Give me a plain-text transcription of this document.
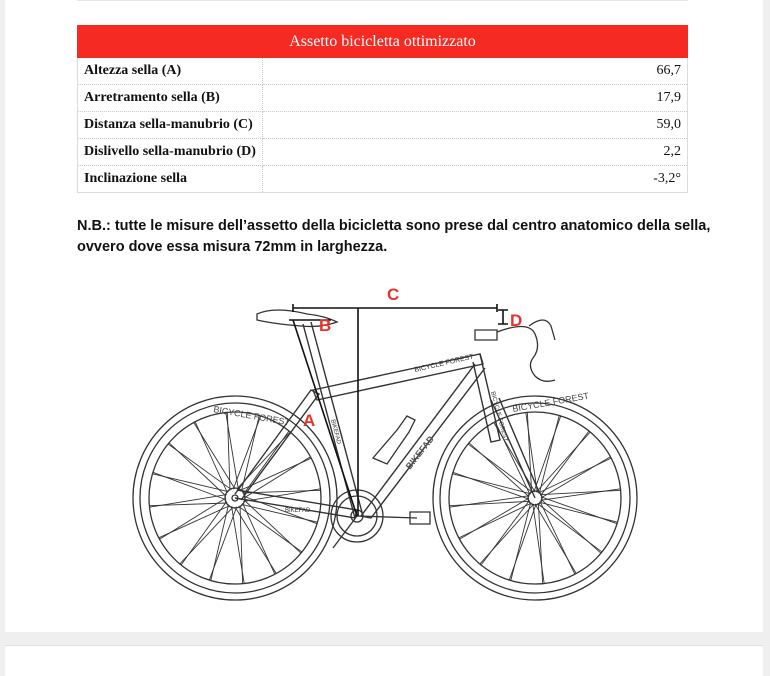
Assetto bicicletta ottimizzato	
Altezza sella (A)	66,7
Arretramento sella (B)	17,9
Distanza sella-manubrio (C)	59,0
Dislivello sella-manubrio (D)	2,2
Inclinazione sella	-3,2°
N.B.: tutte le misure dell’assetto della bicicletta sono prese dal centro anatomico della sella,
ovvero dove essa misura 72mm in larghezza.
BICYCLE FOREST
BIKEFAD
BIKEFAD
BIKEFAD	BICYCLE FOREST
BICYCLE FOREST
BICYCLE FOREST
C
B	D
A
